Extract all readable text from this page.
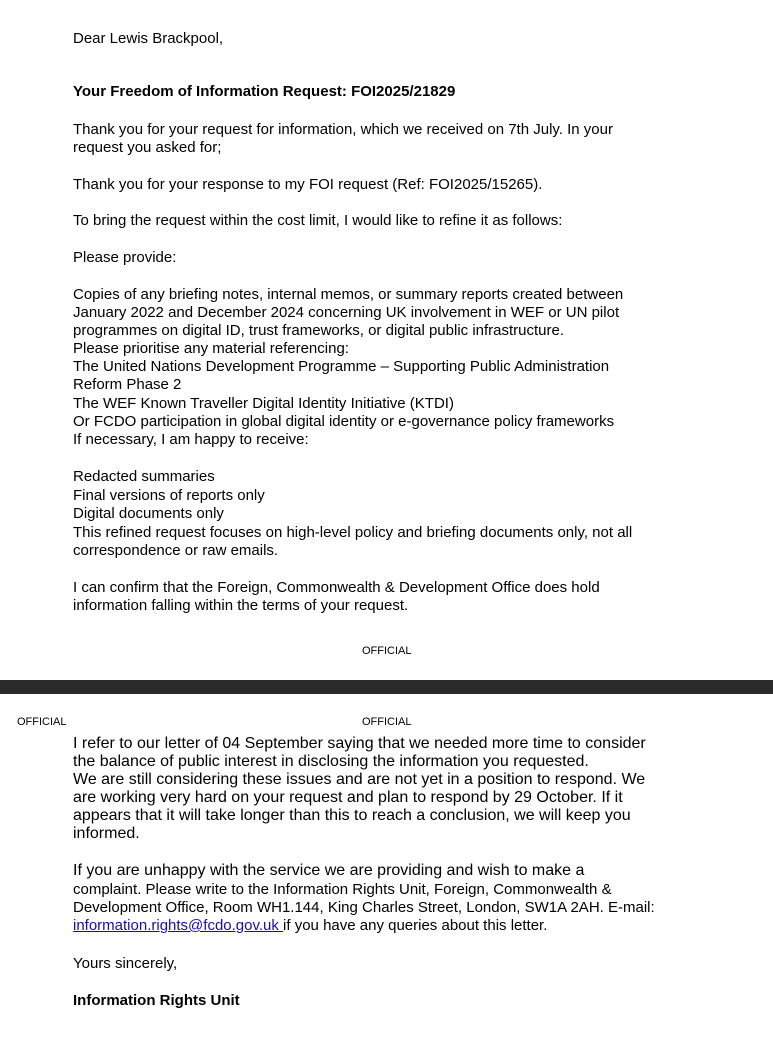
Dear Lewis Brackpool,
Your Freedom of Information Request: FOI2025/21829
Thank you for your request for information, which we received on 7th July. In your
request you asked for;
Thank you for your response to my FOI request (Ref: FOI2025/15265).
To bring the request within the cost limit, I would like to refine it as follows:
Please provide:
Copies of any briefing notes, internal memos, or summary reports created between
January 2022 and December 2024 concerning UK involvement in WEF or UN pilot
programmes on digital ID, trust frameworks, or digital public infrastructure.
Please prioritise any material referencing:
The United Nations Development Programme – Supporting Public Administration
Reform Phase 2
The WEF Known Traveller Digital Identity Initiative (KTDI)
Or FCDO participation in global digital identity or e-governance policy frameworks
If necessary, I am happy to receive:
Redacted summaries
Final versions of reports only
Digital documents only
This refined request focuses on high-level policy and briefing documents only, not all
correspondence or raw emails.
I can confirm that the Foreign, Commonwealth & Development Office does hold
information falling within the terms of your request.
OFFICIAL
OFFICIAL	OFFICIAL
I refer to our letter of 04 September saying that we needed more time to consider
the balance of public interest in disclosing the information you requested.
We are still considering these issues and are not yet in a position to respond. We
are working very hard on your request and plan to respond by 29 October. If it
appears that it will take longer than this to reach a conclusion, we will keep you
informed.
If you are unhappy with the service we are providing and wish to make a
complaint. Please write to the Information Rights Unit, Foreign, Commonwealth &
Development Office, Room WH1.144, King Charles Street, London, SW1A 2AH. E-mail:
information.rights@fcdo.gov.uk if you have any queries about this letter.
Yours sincerely,
Information Rights Unit
